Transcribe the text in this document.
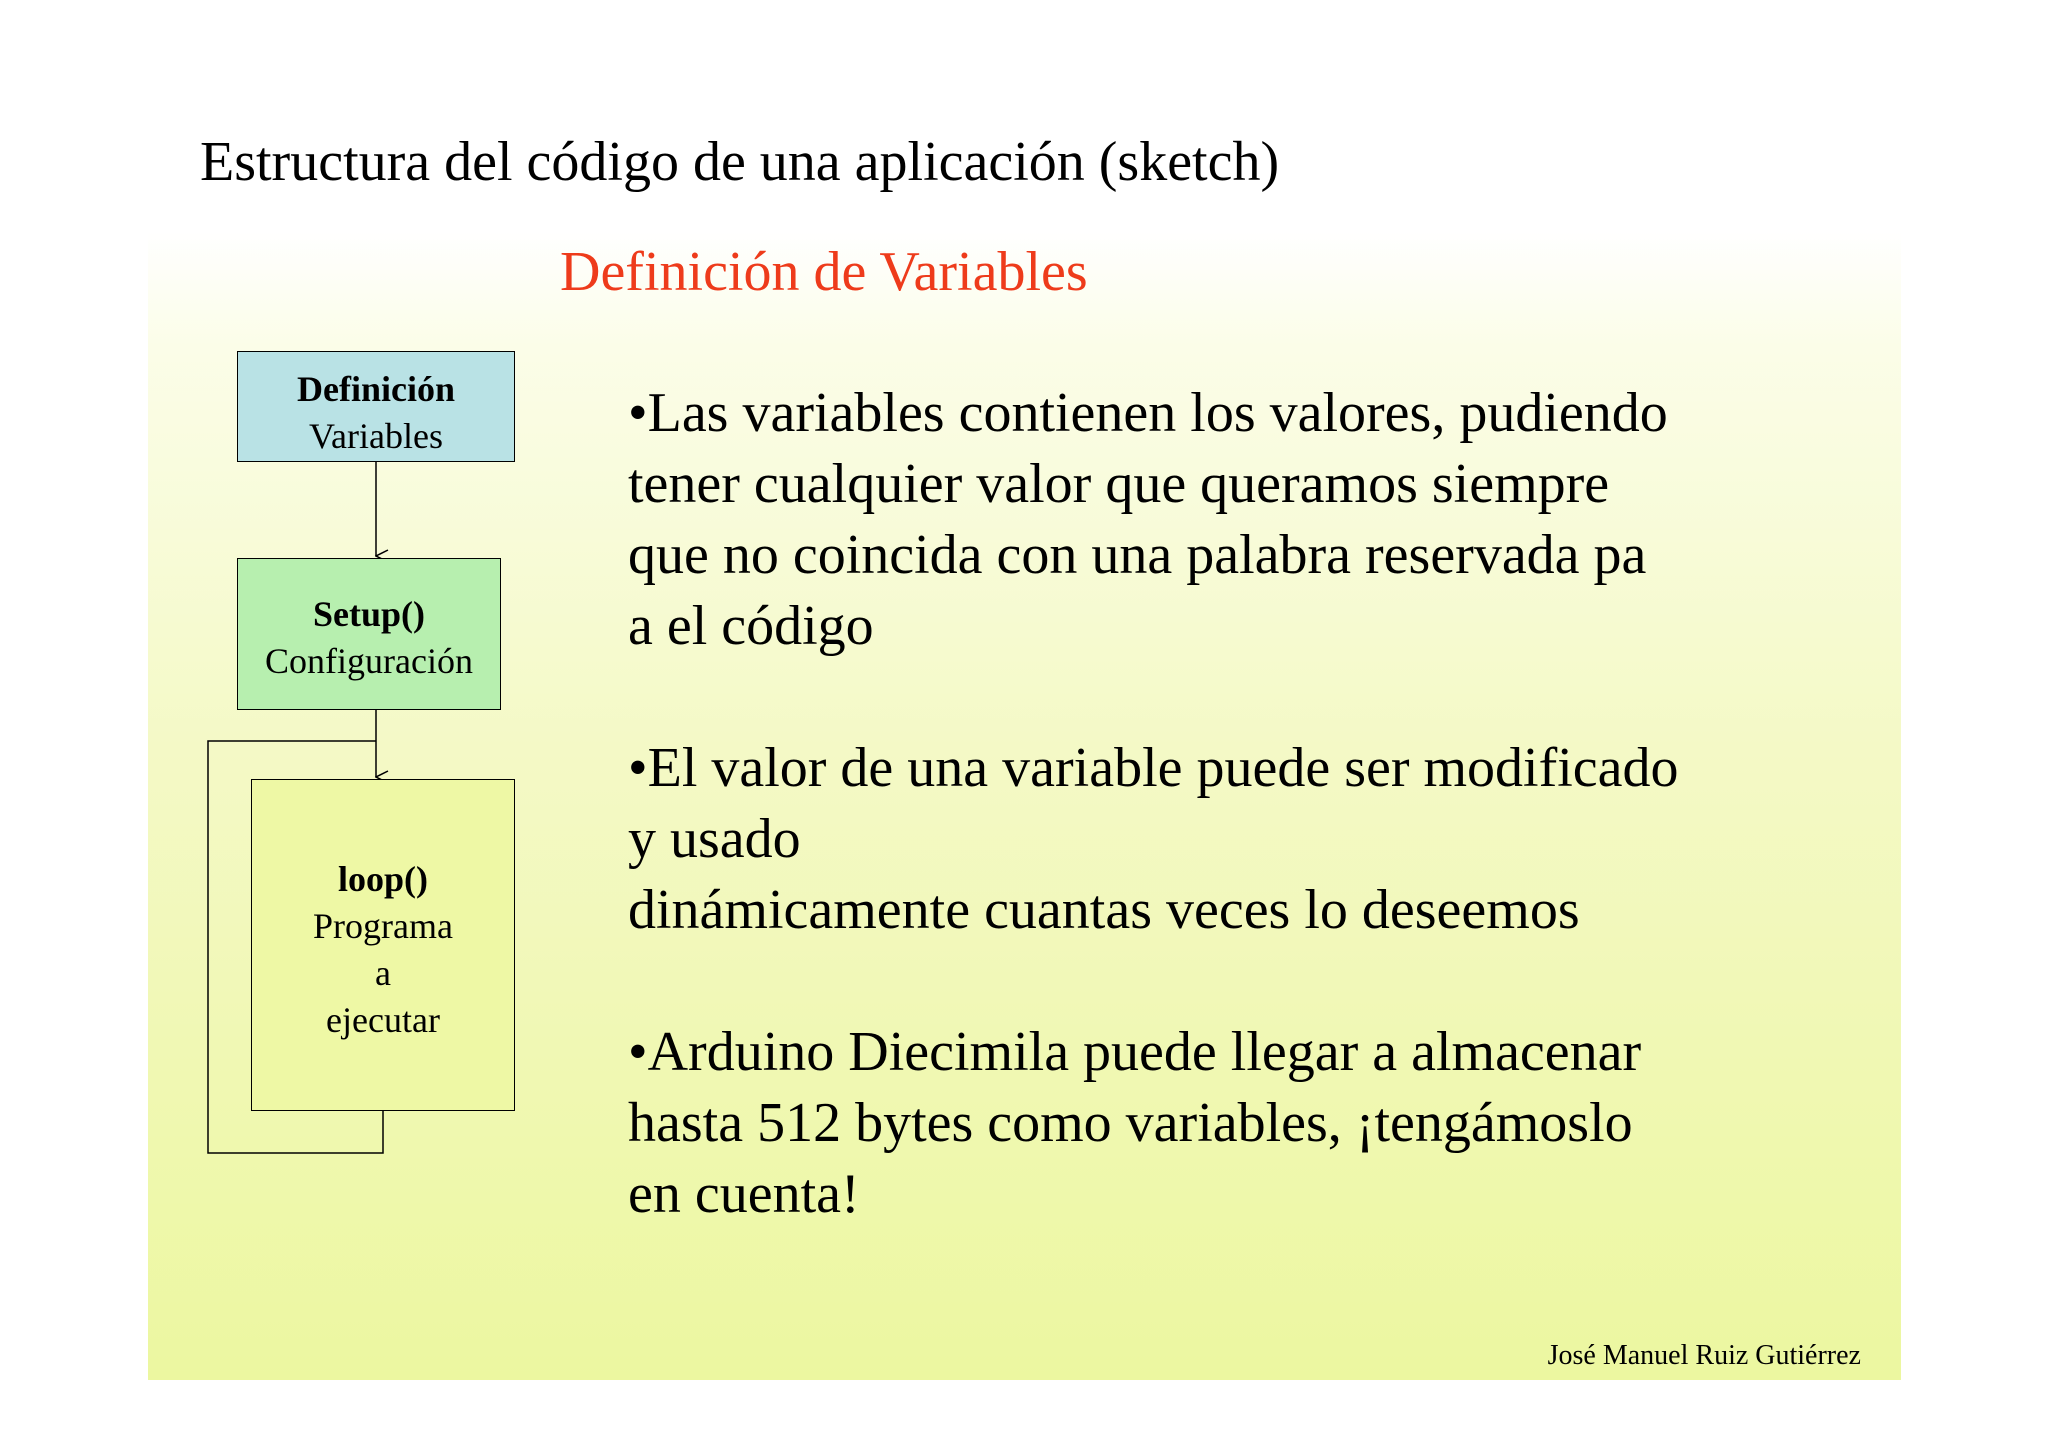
Estructura del código de una aplicación (sketch)
Definición de Variables
Definición
Variables
Setup()
Configuración
loop()
Programa
a
ejecutar
•Las variables contienen los valores, pudiendo
tener cualquier valor que queramos siempre
que no coincida con una palabra reservada pa
a el código
•El valor de una variable puede ser modificado
y usado
dinámicamente cuantas veces lo deseemos
•Arduino Diecimila puede llegar a almacenar
hasta 512 bytes como variables, ¡tengámoslo
en cuenta!
José Manuel Ruiz Gutiérrez
